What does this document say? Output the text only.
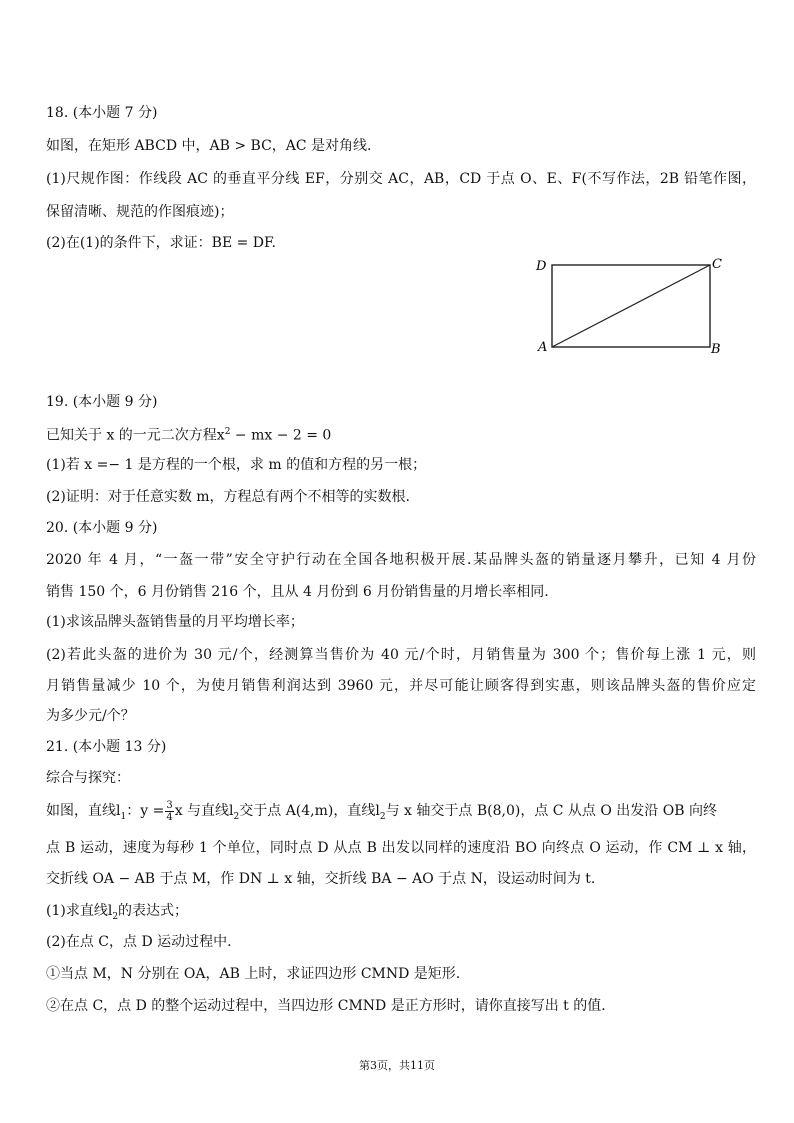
18. (本小题 7 分)
如图，在矩形 ABCD 中，AB > BC，AC 是对角线.
(1)尺规作图：作线段 AC 的垂直平分线 EF，分别交 AC，AB，CD 于点 O、E、F(不写作法，2B 铅笔作图，
保留清晰、规范的作图痕迹)；
(2)在(1)的条件下，求证：BE = DF.
D	C
A	B
19. (本小题 9 分)
已知关于 x 的一元二次方程$x^2$ − mx − 2 = 0
(1)若 x =− 1 是方程的一个根，求 m 的值和方程的另一根；
(2)证明：对于任意实数 m，方程总有两个不相等的实数根.
20. (本小题 9 分)
2020 年 4 月，“一盔一带”安全守护行动在全国各地积极开展.某品牌头盔的销量逐月攀升，已知 4 月份
销售 150 个，6 月份销售 216 个，且从 4 月份到 6 月份销售量的月增长率相同.
(1)求该品牌头盔销售量的月平均增长率；
(2)若此头盔的进价为 30 元/个，经测算当售价为 40 元/个时，月销售量为 300 个；售价每上涨 1 元，则
月销售量减少 10 个，为使月销售利润达到 3960 元，并尽可能让顾客得到实惠，则该品牌头盔的售价应定
为多少元/个？
21. (本小题 13 分)
综合与探究：
如图，直线$l_1$：$y = \frac{3}{4}$ x 与直线$l_2$交于点 A(4,m)，直线$l_2$与 x 轴交于点 B(8,0)，点 C 从点 O 出发沿 OB 向终
点 B 运动，速度为每秒 1 个单位，同时点 D 从点 B 出发以同样的速度沿 BO 向终点 O 运动，作 CM ⊥ x 轴，
交折线 OA − AB 于点 M，作 DN ⊥ x 轴，交折线 BA − AO 于点 N，设运动时间为 t.
(1)求直线$l_2$的表达式；
(2)在点 C，点 D 运动过程中.
①当点 M，N 分别在 OA，AB 上时，求证四边形 CMND 是矩形.
②在点 C，点 D 的整个运动过程中，当四边形 CMND 是正方形时，请你直接写出 t 的值.
第3页，共11页
